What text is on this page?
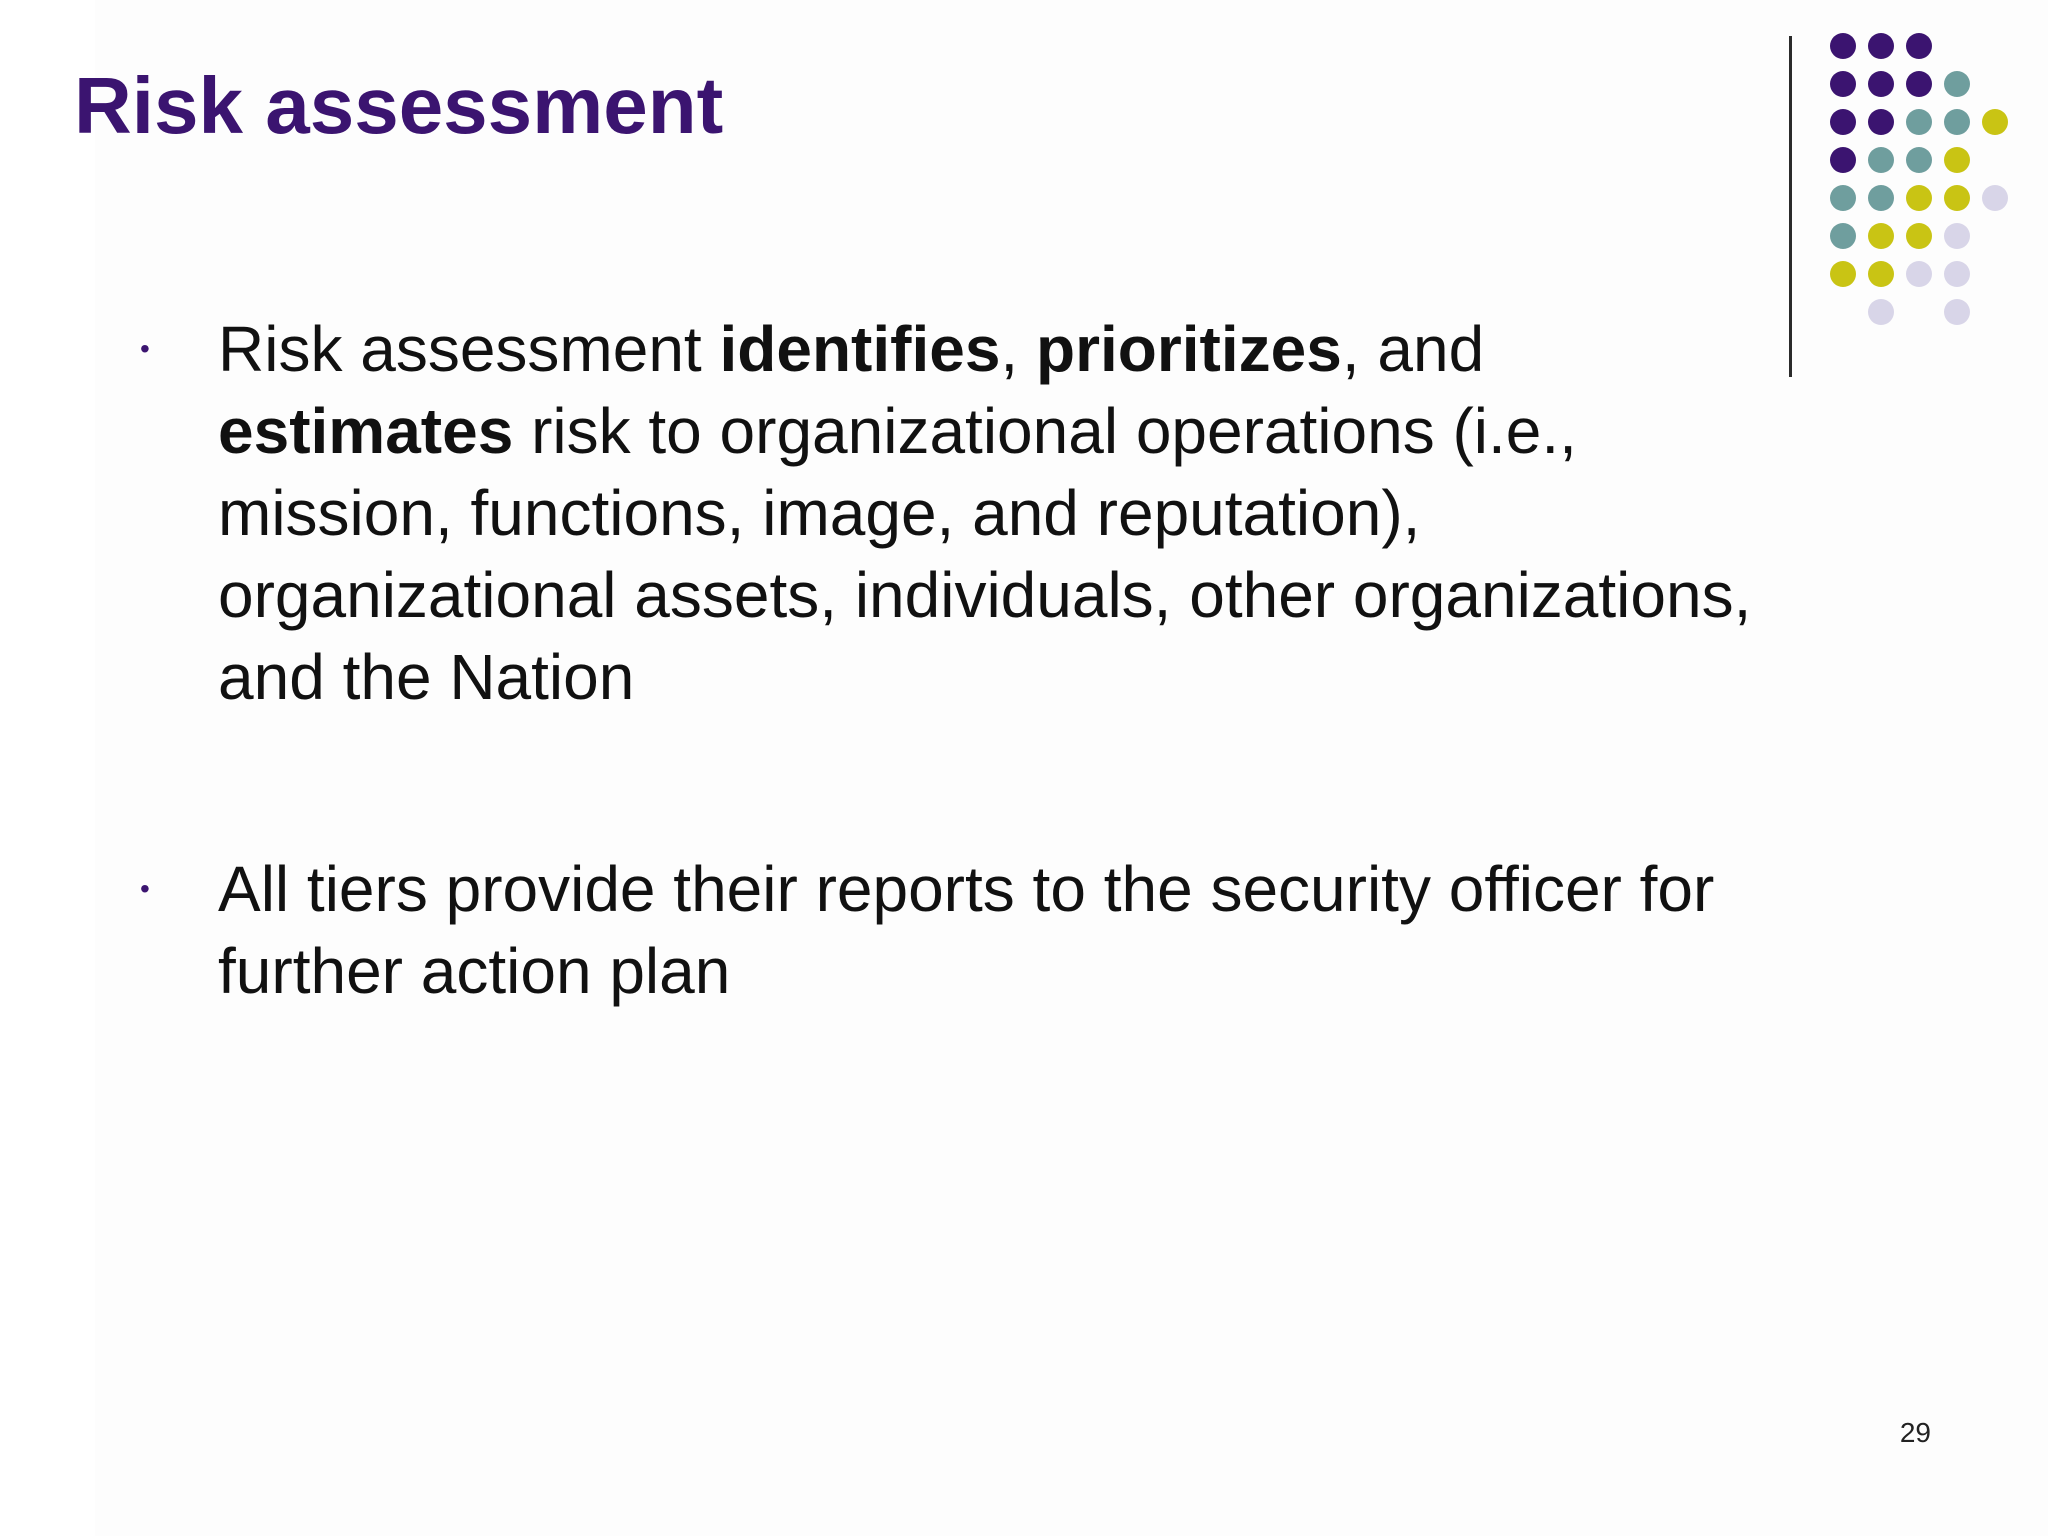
Risk assessment
• Risk assessment identifies, prioritizes, and estimates risk to organizational operations (i.e., mission, functions, image, and reputation), organizational assets, individuals, other organizations, and the Nation
• All tiers provide their reports to the security officer for further action plan
29
